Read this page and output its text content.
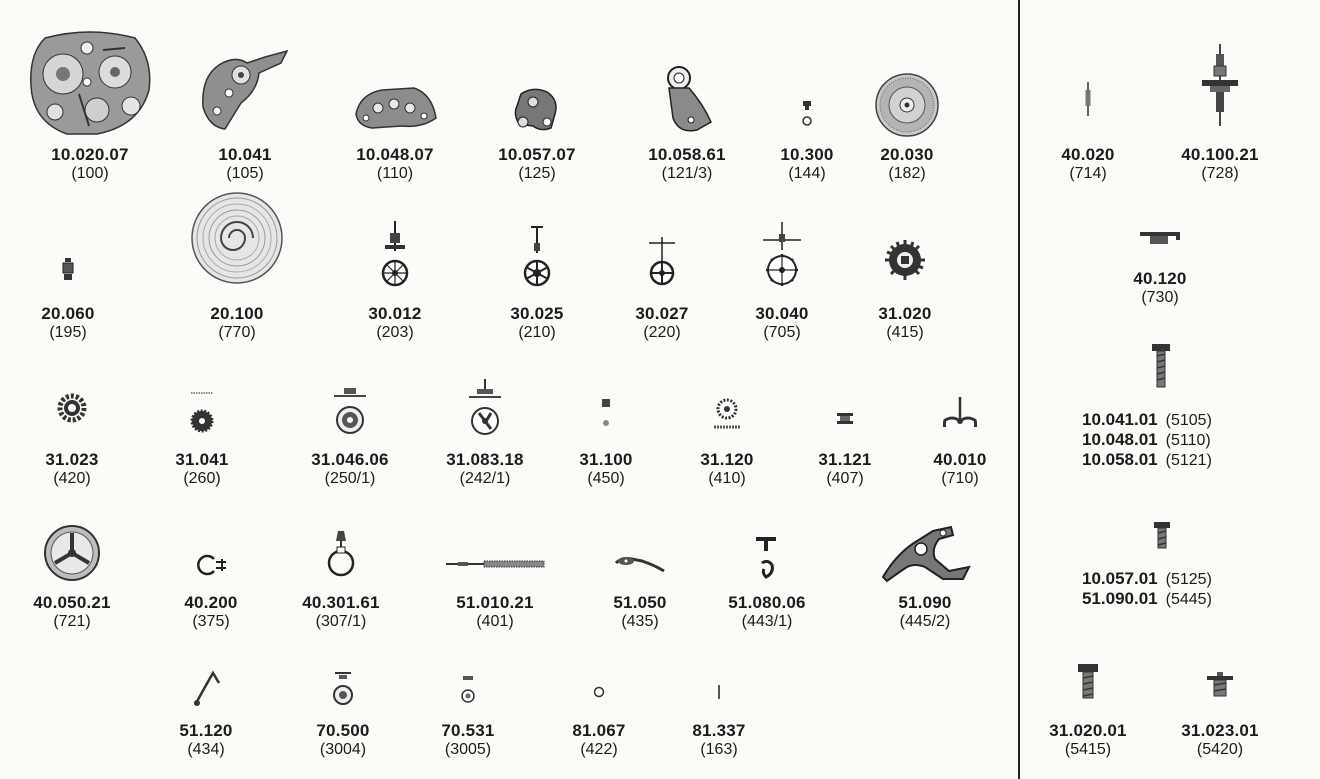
10.020.07
(100)
10.041
(105)
10.048.07
(110)
10.057.07
(125)
10.058.61
(121/3)
10.300
(144)
20.030
(182)
20.060
(195)
20.100
(770)
30.012
(203)
30.025
(210)
30.027
(220)
30.040
(705)
31.020
(415)
31.023
(420)
31.041
(260)
31.046.06
(250/1)
31.083.18
(242/1)
31.100
(450)
31.120
(410)
31.121
(407)
40.010
(710)
40.050.21
(721)
40.200
(375)
40.301.61
(307/1)
51.010.21
(401)
51.050
(435)
51.080.06
(443/1)
51.090
(445/2)
51.120
(434)
70.500
(3004)
70.531
(3005)
81.067
(422)
81.337
(163)
40.020
(714)
40.100.21
(728)
40.120
(730)
10.041.01 (5105)
10.048.01 (5110)
10.058.01 (5121)
10.057.01 (5125)
51.090.01 (5445)
31.020.01
(5415)
31.023.01
(5420)
